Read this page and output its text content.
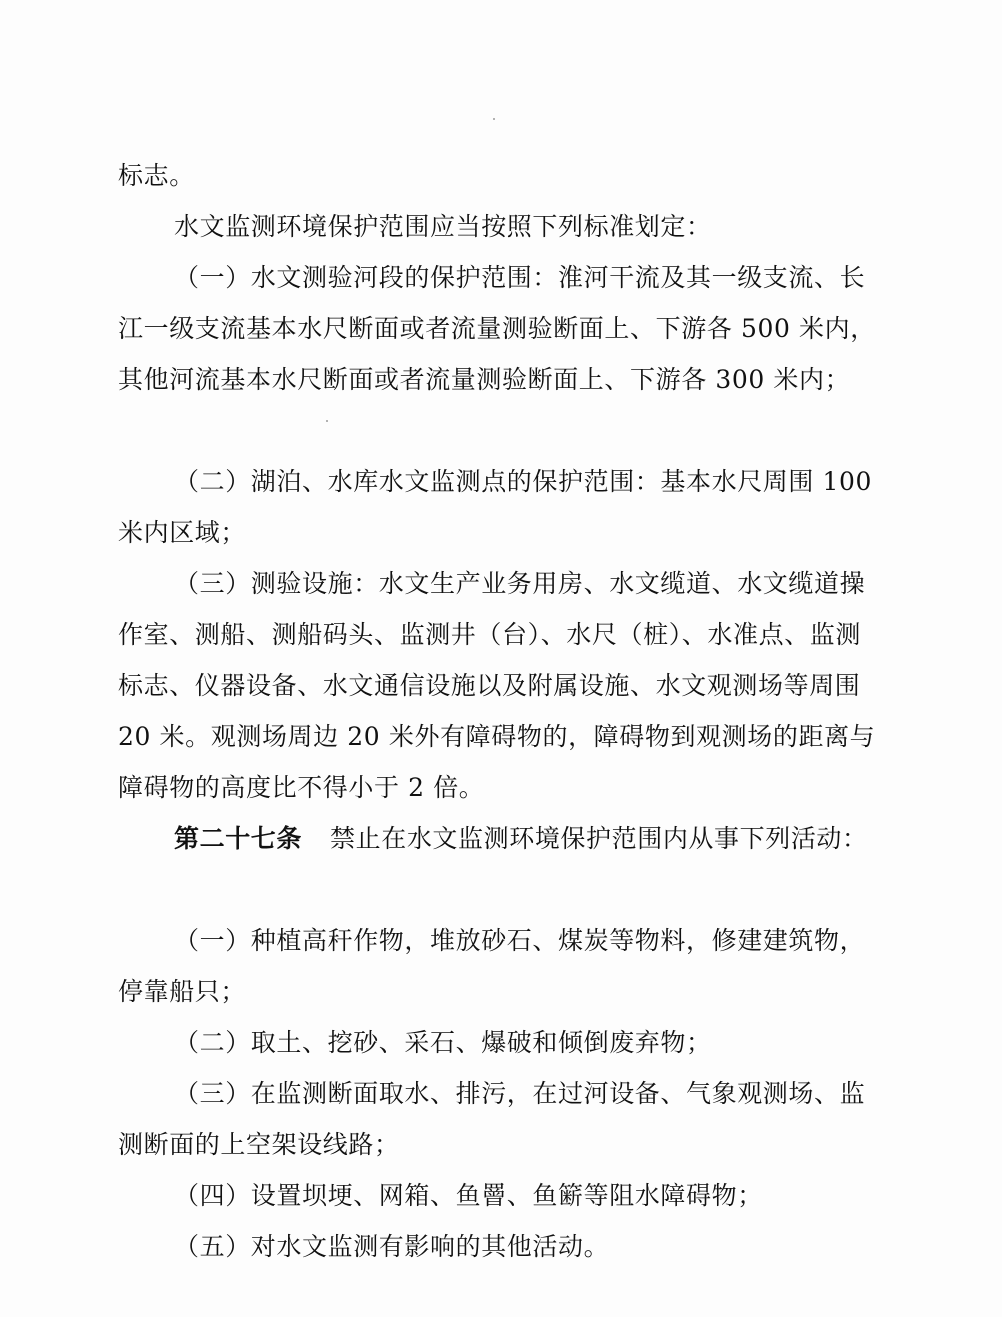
标志。

水文监测环境保护范围应当按照下列标准划定：

（一）水文测验河段的保护范围：淮河干流及其一级支流、长江一级支流基本水尺断面或者流量测验断面上、下游各 500 米内，其他河流基本水尺断面或者流量测验断面上、下游各 300 米内；

（二）湖泊、水库水文监测点的保护范围：基本水尺周围 100 米内区域；

（三）测验设施：水文生产业务用房、水文缆道、水文缆道操作室、测船、测船码头、监测井（台）、水尺（桩）、水准点、监测标志、仪器设备、水文通信设施以及附属设施、水文观测场等周围 20 米。观测场周边 20 米外有障碍物的，障碍物到观测场的距离与障碍物的高度比不得小于 2 倍。

第二十七条 禁止在水文监测环境保护范围内从事下列活动：

（一）种植高秆作物，堆放砂石、煤炭等物料，修建建筑物，停靠船只；

（二）取土、挖砂、采石、爆破和倾倒废弃物；

（三）在监测断面取水、排污，在过河设备、气象观测场、监测断面的上空架设线路；

（四）设置坝埂、网箱、鱼罾、鱼簖等阻水障碍物；

（五）对水文监测有影响的其他活动。
